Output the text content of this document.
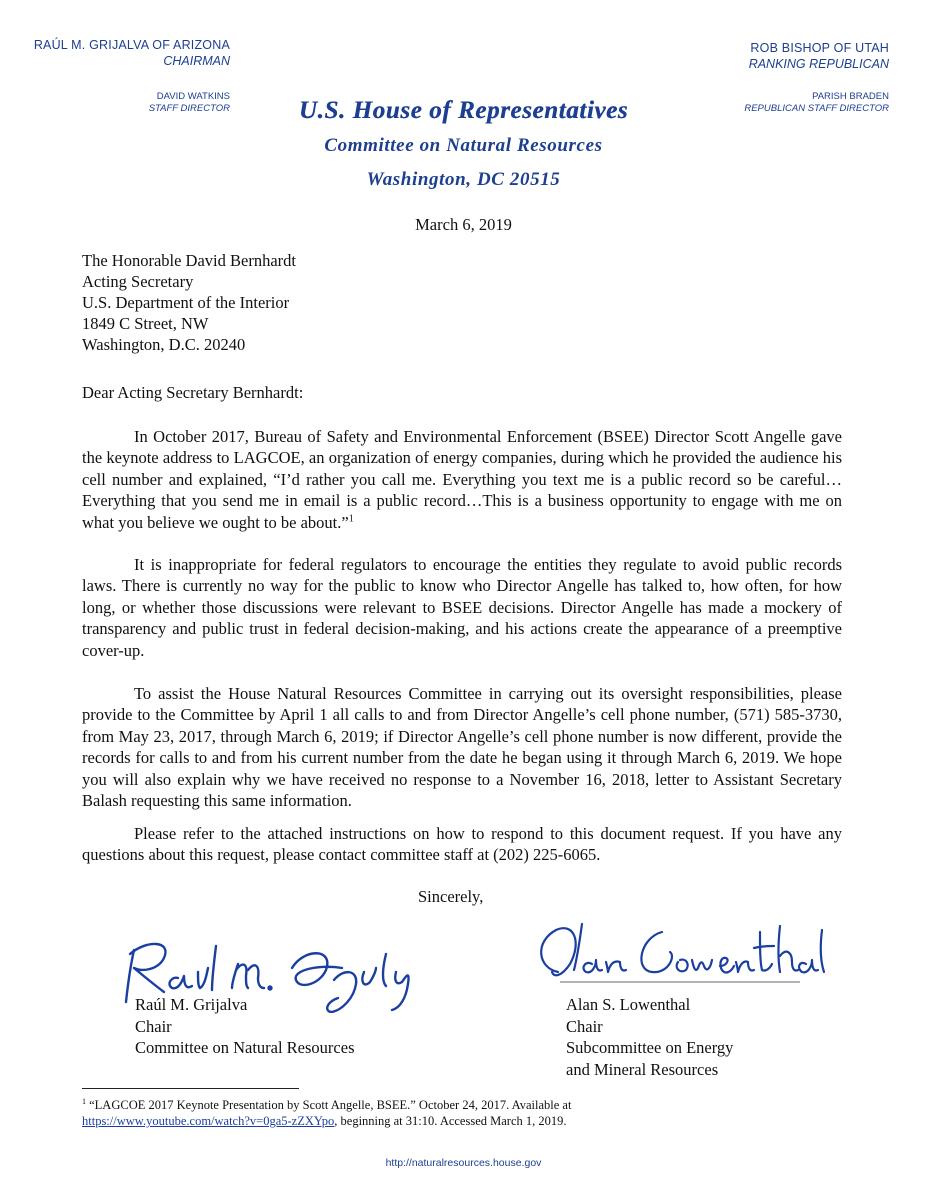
RAÚL M. GRIJALVA OF ARIZONA
CHAIRMAN
DAVID WATKINS
STAFF DIRECTOR
ROB BISHOP OF UTAH
RANKING REPUBLICAN
PARISH BRADEN
REPUBLICAN STAFF DIRECTOR
U.S. House of Representatives
Committee on Natural Resources
Washington, DC 20515
March 6, 2019
The Honorable David Bernhardt
Acting Secretary
U.S. Department of the Interior
1849 C Street, NW
Washington, D.C. 20240
Dear Acting Secretary Bernhardt:

In October 2017, Bureau of Safety and Environmental Enforcement (BSEE) Director Scott Angelle gave the keynote address to LAGCOE, an organization of energy companies, during which he provided the audience his cell number and explained, “I’d rather you call me. Everything you text me is a public record so be careful…Everything that you send me in email is a public record…This is a business opportunity to engage with me on what you believe we ought to be about.”$^1$

It is inappropriate for federal regulators to encourage the entities they regulate to avoid public records laws. There is currently no way for the public to know who Director Angelle has talked to, how often, for how long, or whether those discussions were relevant to BSEE decisions. Director Angelle has made a mockery of transparency and public trust in federal decision-making, and his actions create the appearance of a preemptive cover-up.

To assist the House Natural Resources Committee in carrying out its oversight responsibilities, please provide to the Committee by April 1 all calls to and from Director Angelle’s cell phone number, (571) 585-3730, from May 23, 2017, through March 6, 2019; if Director Angelle’s cell phone number is now different, provide the records for calls to and from his current number from the date he began using it through March 6, 2019. We hope you will also explain why we have received no response to a November 16, 2018, letter to Assistant Secretary Balash requesting this same information.

Please refer to the attached instructions on how to respond to this document request. If you have any questions about this request, please contact committee staff at (202) 225-6065.

Sincerely,
Raúl M. Grijalva
Chair
Committee on Natural Resources
Alan S. Lowenthal
Chair
Subcommittee on Energy
and Mineral Resources
$^1$ “LAGCOE 2017 Keynote Presentation by Scott Angelle, BSEE.” October 24, 2017. Available at
https://www.youtube.com/watch?v=0ga5-zZXYpo, beginning at 31:10. Accessed March 1, 2019.
http://naturalresources.house.gov
